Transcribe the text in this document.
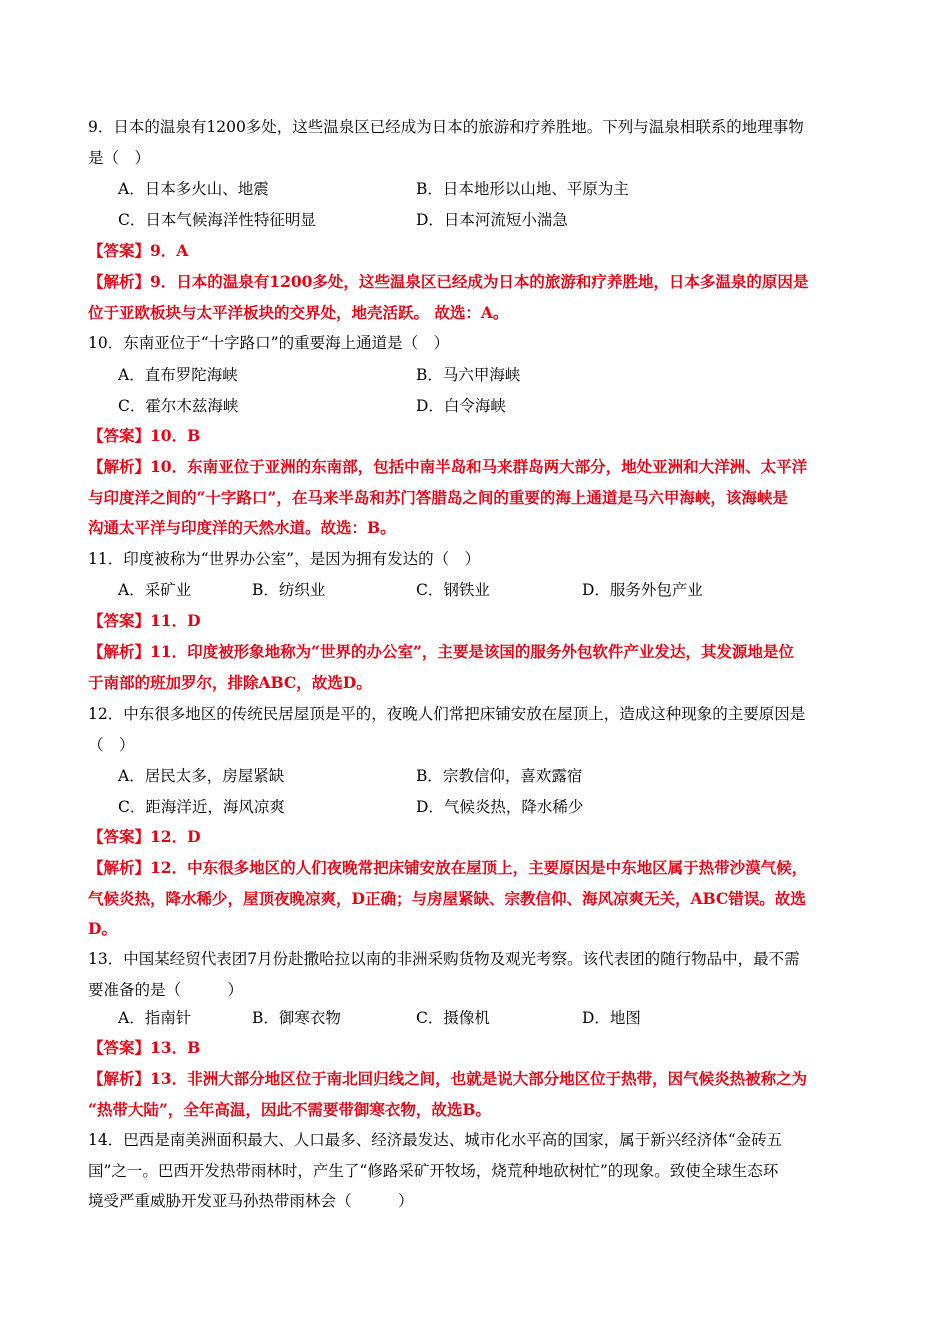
9．日本的温泉有1200多处，这些温泉区已经成为日本的旅游和疗养胜地。下列与温泉相联系的地理事物
是（　）
A．日本多火山、地震	B．日本地形以山地、平原为主
C．日本气候海洋性特征明显	D．日本河流短小湍急
【答案】9．A
【解析】9．日本的温泉有1200多处，这些温泉区已经成为日本的旅游和疗养胜地，日本多温泉的原因是
位于亚欧板块与太平洋板块的交界处，地壳活跃。 故选：A。
10．东南亚位于“十字路口”的重要海上通道是（　）
A．直布罗陀海峡	B．马六甲海峡
C．霍尔木兹海峡	D．白令海峡
【答案】10．B
【解析】10．东南亚位于亚洲的东南部，包括中南半岛和马来群岛两大部分，地处亚洲和大洋洲、太平洋
与印度洋之间的“十字路口”，在马来半岛和苏门答腊岛之间的重要的海上通道是马六甲海峡，该海峡是
沟通太平洋与印度洋的天然水道。故选：B。
11．印度被称为“世界办公室”，是因为拥有发达的（　）
A．采矿业	B．纺织业	C．钢铁业	D．服务外包产业
【答案】11．D
【解析】11．印度被形象地称为“世界的办公室”，主要是该国的服务外包软件产业发达，其发源地是位
于南部的班加罗尔，排除ABC，故选D。
12．中东很多地区的传统民居屋顶是平的，夜晚人们常把床铺安放在屋顶上，造成这种现象的主要原因是
（　）
A．居民太多，房屋紧缺	B．宗教信仰，喜欢露宿
C．距海洋近，海风凉爽	D．气候炎热，降水稀少
【答案】12．D
【解析】12．中东很多地区的人们夜晚常把床铺安放在屋顶上，主要原因是中东地区属于热带沙漠气候，
气候炎热，降水稀少，屋顶夜晚凉爽，D正确；与房屋紧缺、宗教信仰、海风凉爽无关，ABC错误。故选
D。
13．中国某经贸代表团7月份赴撒哈拉以南的非洲采购货物及观光考察。该代表团的随行物品中，最不需
要准备的是（　　　）
A．指南针	B．御寒衣物	C．摄像机	D．地图
【答案】13．B
【解析】13．非洲大部分地区位于南北回归线之间，也就是说大部分地区位于热带，因气候炎热被称之为
“热带大陆”，全年高温，因此不需要带御寒衣物，故选B。
14．巴西是南美洲面积最大、人口最多、经济最发达、城市化水平高的国家，属于新兴经济体“金砖五
国”之一。巴西开发热带雨林时，产生了“修路采矿开牧场，烧荒种地砍树忙”的现象。致使全球生态环
境受严重威胁开发亚马孙热带雨林会（　　　）
